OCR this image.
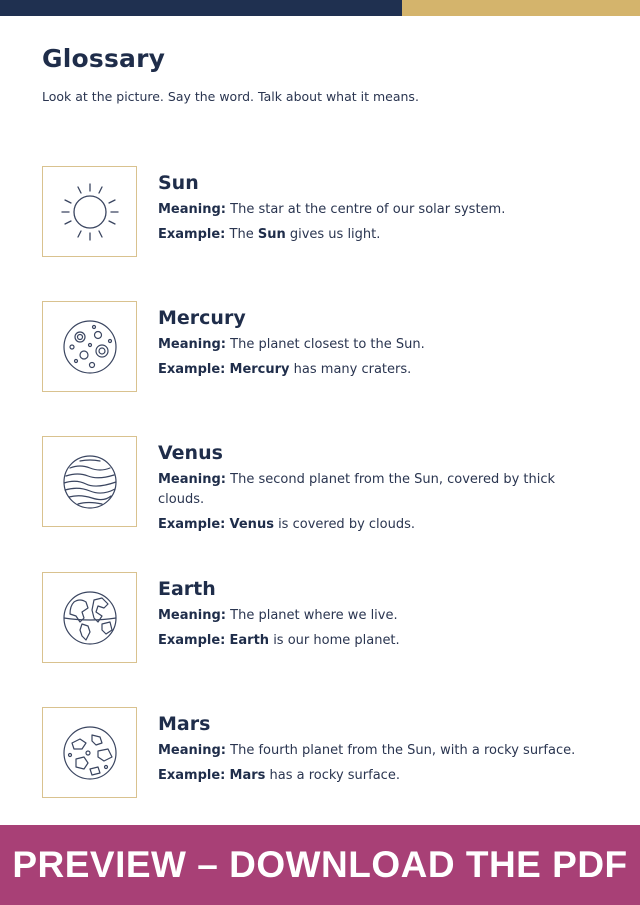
Glossary

Look at the picture. Say the word. Talk about what it means.

Sun
Meaning: The star at the centre of our solar system.
Example: The Sun gives us light.
Mercury
Meaning: The planet closest to the Sun.
Example: Mercury has many craters.
Venus
Meaning: The second planet from the Sun, covered by thick clouds.
Example: Venus is covered by clouds.
Earth
Meaning: The planet where we live.
Example: Earth is our home planet.
Mars
Meaning: The fourth planet from the Sun, with a rocky surface.
Example: Mars has a rocky surface.
PREVIEW – DOWNLOAD THE PDF
